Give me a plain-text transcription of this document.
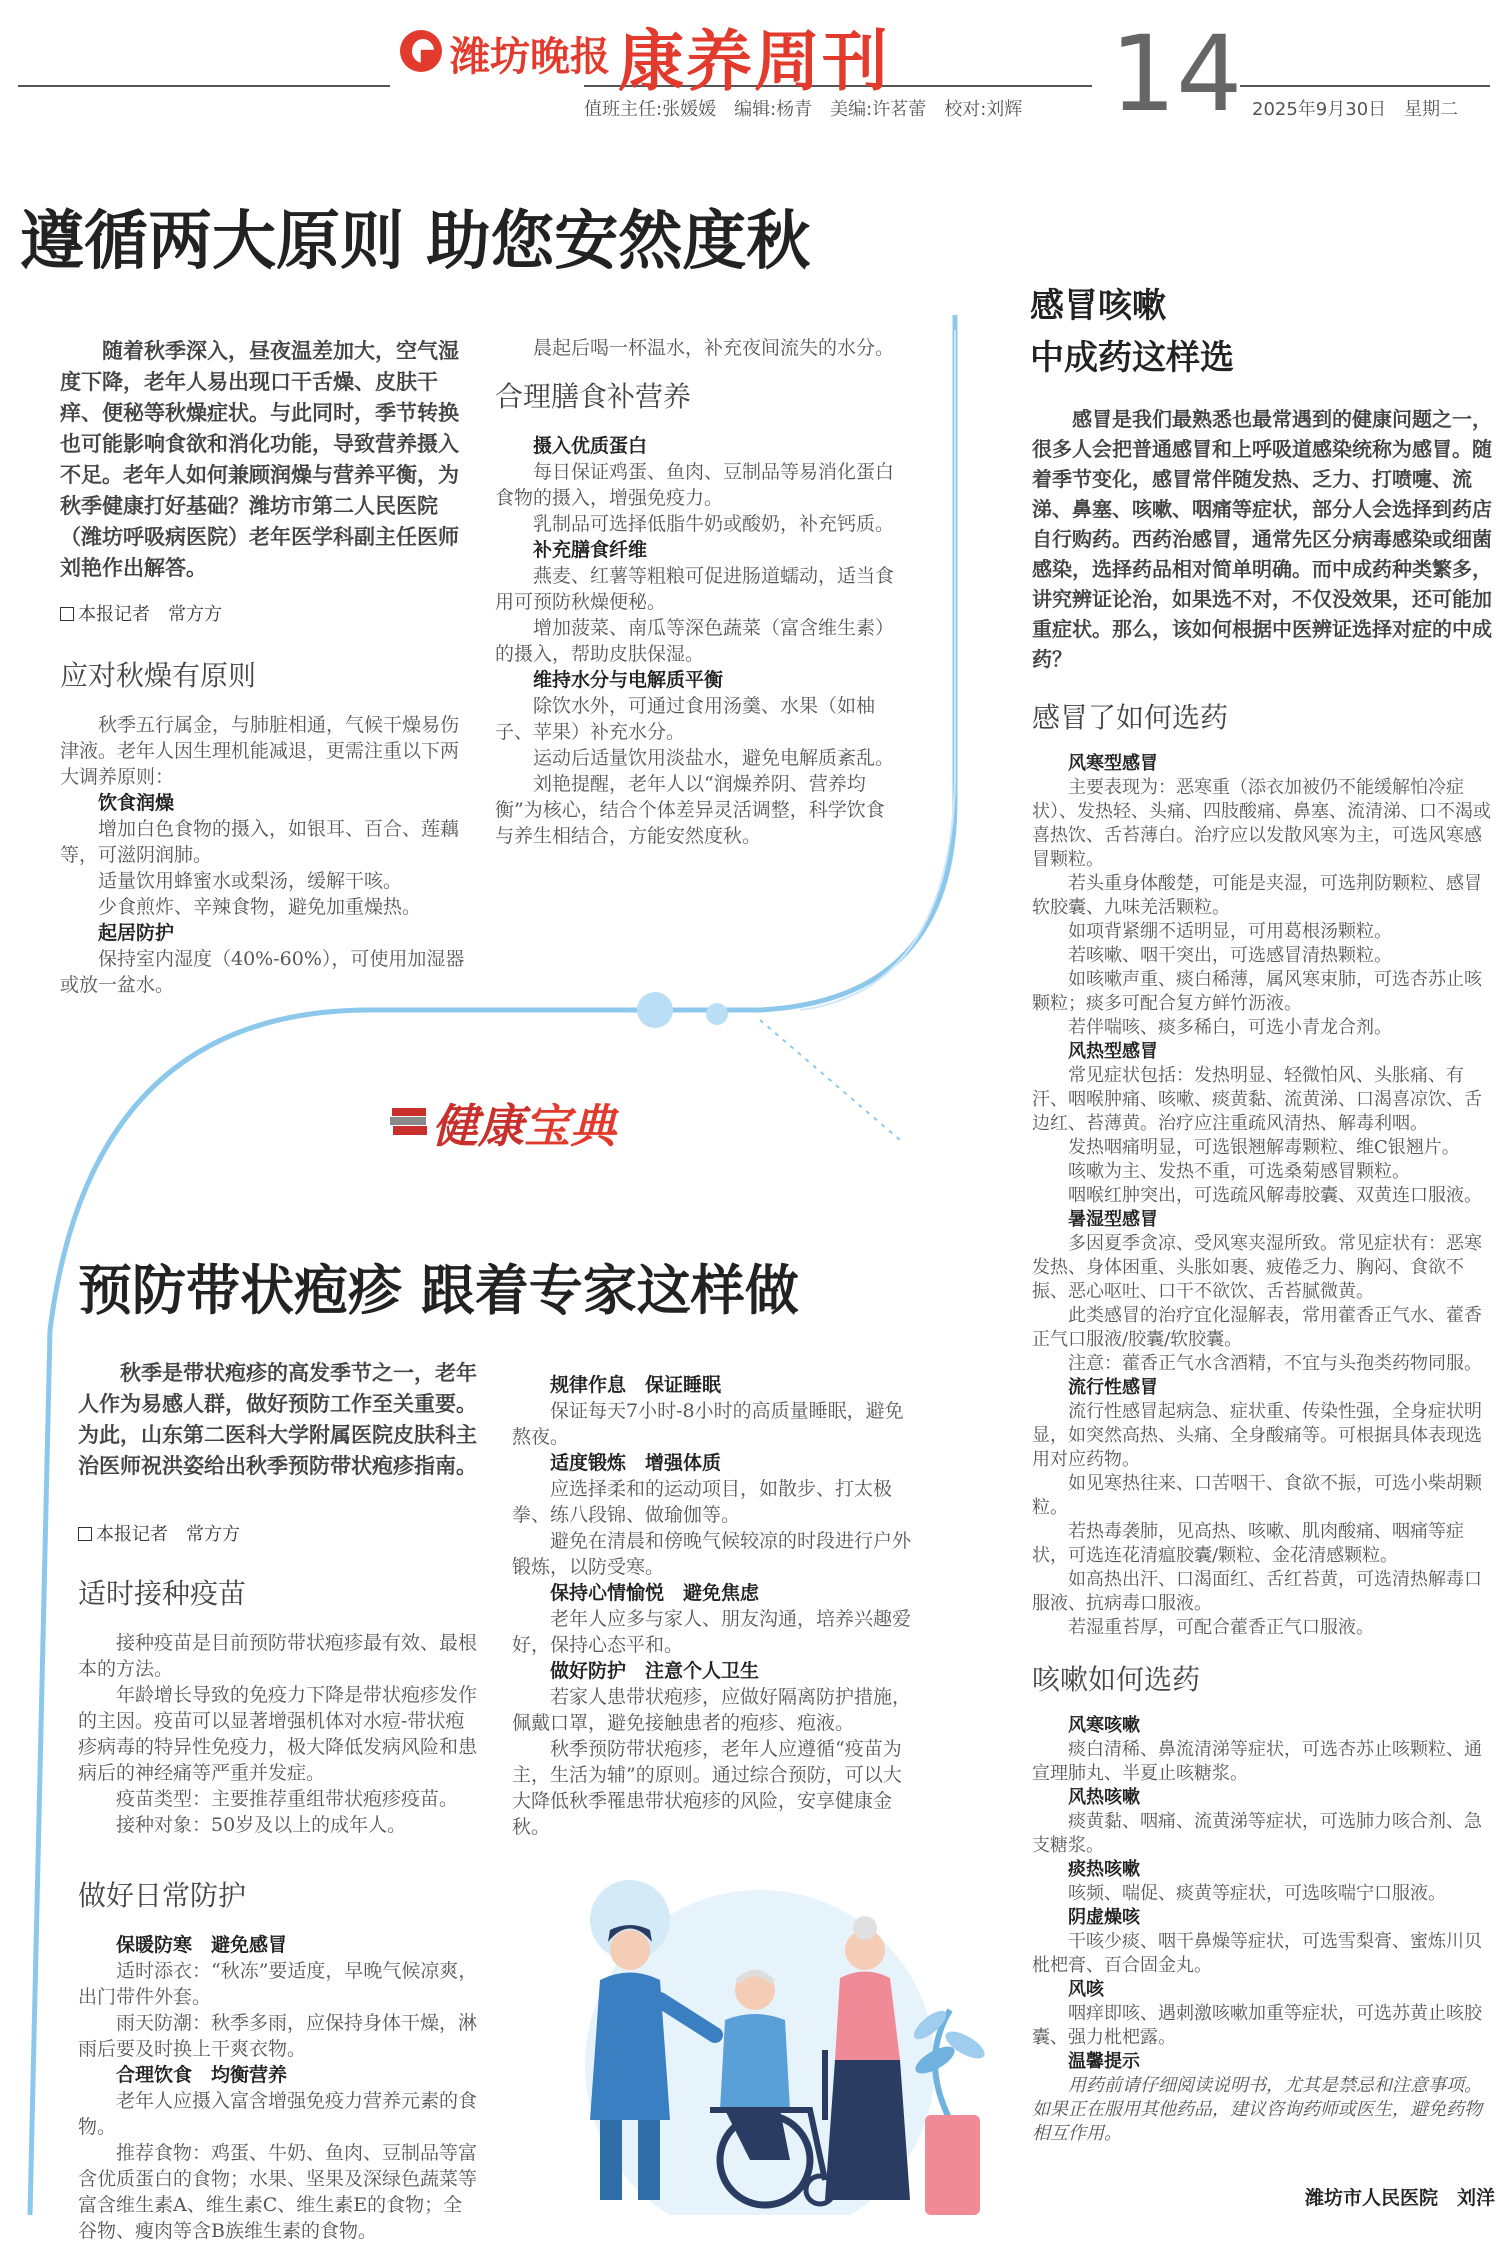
潍坊晚报 康养周刊
值班主任:张媛媛　编辑:杨青　美编:许茗蕾　校对:刘辉 14 2025年9月30日　星期二
遵循两大原则 助您安然度秋

随着秋季深入，昼夜温差加大，空气湿度下降，老年人易出现口干舌燥、皮肤干痒、便秘等秋燥症状。与此同时，季节转换也可能影响食欲和消化功能，导致营养摄入不足。老年人如何兼顾润燥与营养平衡，为秋季健康打好基础？潍坊市第二人民医院（潍坊呼吸病医院）老年医学科副主任医师刘艳作出解答。

本报记者　常方方
应对秋燥有原则

秋季五行属金，与肺脏相通，气候干燥易伤津液。老年人因生理机能减退，更需注重以下两大调养原则：

饮食润燥

增加白色食物的摄入，如银耳、百合、莲藕等，可滋阴润肺。

适量饮用蜂蜜水或梨汤，缓解干咳。

少食煎炸、辛辣食物，避免加重燥热。

起居防护

保持室内湿度（40%-60%），可使用加湿器或放一盆水。

晨起后喝一杯温水，补充夜间流失的水分。

合理膳食补营养

摄入优质蛋白

每日保证鸡蛋、鱼肉、豆制品等易消化蛋白食物的摄入，增强免疫力。

乳制品可选择低脂牛奶或酸奶，补充钙质。

补充膳食纤维

燕麦、红薯等粗粮可促进肠道蠕动，适当食用可预防秋燥便秘。

增加菠菜、南瓜等深色蔬菜（富含维生素）的摄入，帮助皮肤保湿。

维持水分与电解质平衡

除饮水外，可通过食用汤羹、水果（如柚子、苹果）补充水分。

运动后适量饮用淡盐水，避免电解质紊乱。

刘艳提醒，老年人以“润燥养阴、营养均衡”为核心，结合个体差异灵活调整，科学饮食与养生相结合，方能安然度秋。

健康宝典
预防带状疱疹 跟着专家这样做

秋季是带状疱疹的高发季节之一，老年人作为易感人群，做好预防工作至关重要。为此，山东第二医科大学附属医院皮肤科主治医师祝洪姿给出秋季预防带状疱疹指南。

本报记者　常方方
适时接种疫苗

接种疫苗是目前预防带状疱疹最有效、最根本的方法。

年龄增长导致的免疫力下降是带状疱疹发作的主因。疫苗可以显著增强机体对水痘-带状疱疹病毒的特异性免疫力，极大降低发病风险和患病后的神经痛等严重并发症。

疫苗类型：主要推荐重组带状疱疹疫苗。

接种对象：50岁及以上的成年人。

做好日常防护

保暖防寒　避免感冒

适时添衣：“秋冻”要适度，早晚气候凉爽，出门带件外套。

雨天防潮：秋季多雨，应保持身体干燥，淋雨后要及时换上干爽衣物。

合理饮食　均衡营养

老年人应摄入富含增强免疫力营养元素的食物。

推荐食物：鸡蛋、牛奶、鱼肉、豆制品等富含优质蛋白的食物；水果、坚果及深绿色蔬菜等富含维生素A、维生素C、维生素E的食物；全谷物、瘦肉等含B族维生素的食物。

规律作息　保证睡眠

保证每天7小时-8小时的高质量睡眠，避免熬夜。

适度锻炼　增强体质

应选择柔和的运动项目，如散步、打太极拳、练八段锦、做瑜伽等。

避免在清晨和傍晚气候较凉的时段进行户外锻炼，以防受寒。

保持心情愉悦　避免焦虑

老年人应多与家人、朋友沟通，培养兴趣爱好，保持心态平和。

做好防护　注意个人卫生

若家人患带状疱疹，应做好隔离防护措施，佩戴口罩，避免接触患者的疱疹、疱液。

秋季预防带状疱疹，老年人应遵循“疫苗为主，生活为辅”的原则。通过综合预防，可以大大降低秋季罹患带状疱疹的风险，安享健康金秋。

感冒咳嗽
中成药这样选

感冒是我们最熟悉也最常遇到的健康问题之一，很多人会把普通感冒和上呼吸道感染统称为感冒。随着季节变化，感冒常伴随发热、乏力、打喷嚏、流涕、鼻塞、咳嗽、咽痛等症状，部分人会选择到药店自行购药。西药治感冒，通常先区分病毒感染或细菌感染，选择药品相对简单明确。而中成药种类繁多，讲究辨证论治，如果选不对，不仅没效果，还可能加重症状。那么，该如何根据中医辨证选择对症的中成药？

感冒了如何选药

风寒型感冒

主要表现为：恶寒重（添衣加被仍不能缓解怕冷症状）、发热轻、头痛、四肢酸痛、鼻塞、流清涕、口不渴或喜热饮、舌苔薄白。治疗应以发散风寒为主，可选风寒感冒颗粒。

若头重身体酸楚，可能是夹湿，可选荆防颗粒、感冒软胶囊、九味羌活颗粒。

如项背紧绷不适明显，可用葛根汤颗粒。

若咳嗽、咽干突出，可选感冒清热颗粒。

如咳嗽声重、痰白稀薄，属风寒束肺，可选杏苏止咳颗粒；痰多可配合复方鲜竹沥液。

若伴喘咳、痰多稀白，可选小青龙合剂。

风热型感冒

常见症状包括：发热明显、轻微怕风、头胀痛、有汗、咽喉肿痛、咳嗽、痰黄黏、流黄涕、口渴喜凉饮、舌边红、苔薄黄。治疗应注重疏风清热、解毒利咽。

发热咽痛明显，可选银翘解毒颗粒、维C银翘片。

咳嗽为主、发热不重，可选桑菊感冒颗粒。

咽喉红肿突出，可选疏风解毒胶囊、双黄连口服液。

暑湿型感冒

多因夏季贪凉、受风寒夹湿所致。常见症状有：恶寒发热、身体困重、头胀如裹、疲倦乏力、胸闷、食欲不振、恶心呕吐、口干不欲饮、舌苔腻微黄。

此类感冒的治疗宜化湿解表，常用藿香正气水、藿香正气口服液/胶囊/软胶囊。

注意：藿香正气水含酒精，不宜与头孢类药物同服。

流行性感冒

流行性感冒起病急、症状重、传染性强，全身症状明显，如突然高热、头痛、全身酸痛等。可根据具体表现选用对应药物。

如见寒热往来、口苦咽干、食欲不振，可选小柴胡颗粒。

若热毒袭肺，见高热、咳嗽、肌肉酸痛、咽痛等症状，可选连花清瘟胶囊/颗粒、金花清感颗粒。

如高热出汗、口渴面红、舌红苔黄，可选清热解毒口服液、抗病毒口服液。

若湿重苔厚，可配合藿香正气口服液。

咳嗽如何选药

风寒咳嗽

痰白清稀、鼻流清涕等症状，可选杏苏止咳颗粒、通宣理肺丸、半夏止咳糖浆。

风热咳嗽

痰黄黏、咽痛、流黄涕等症状，可选肺力咳合剂、急支糖浆。

痰热咳嗽

咳频、喘促、痰黄等症状，可选咳喘宁口服液。

阴虚燥咳

干咳少痰、咽干鼻燥等症状，可选雪梨膏、蜜炼川贝枇杷膏、百合固金丸。

风咳

咽痒即咳、遇刺激咳嗽加重等症状，可选苏黄止咳胶囊、强力枇杷露。

温馨提示

用药前请仔细阅读说明书，尤其是禁忌和注意事项。如果正在服用其他药品，建议咨询药师或医生，避免药物相互作用。

潍坊市人民医院　刘洋
